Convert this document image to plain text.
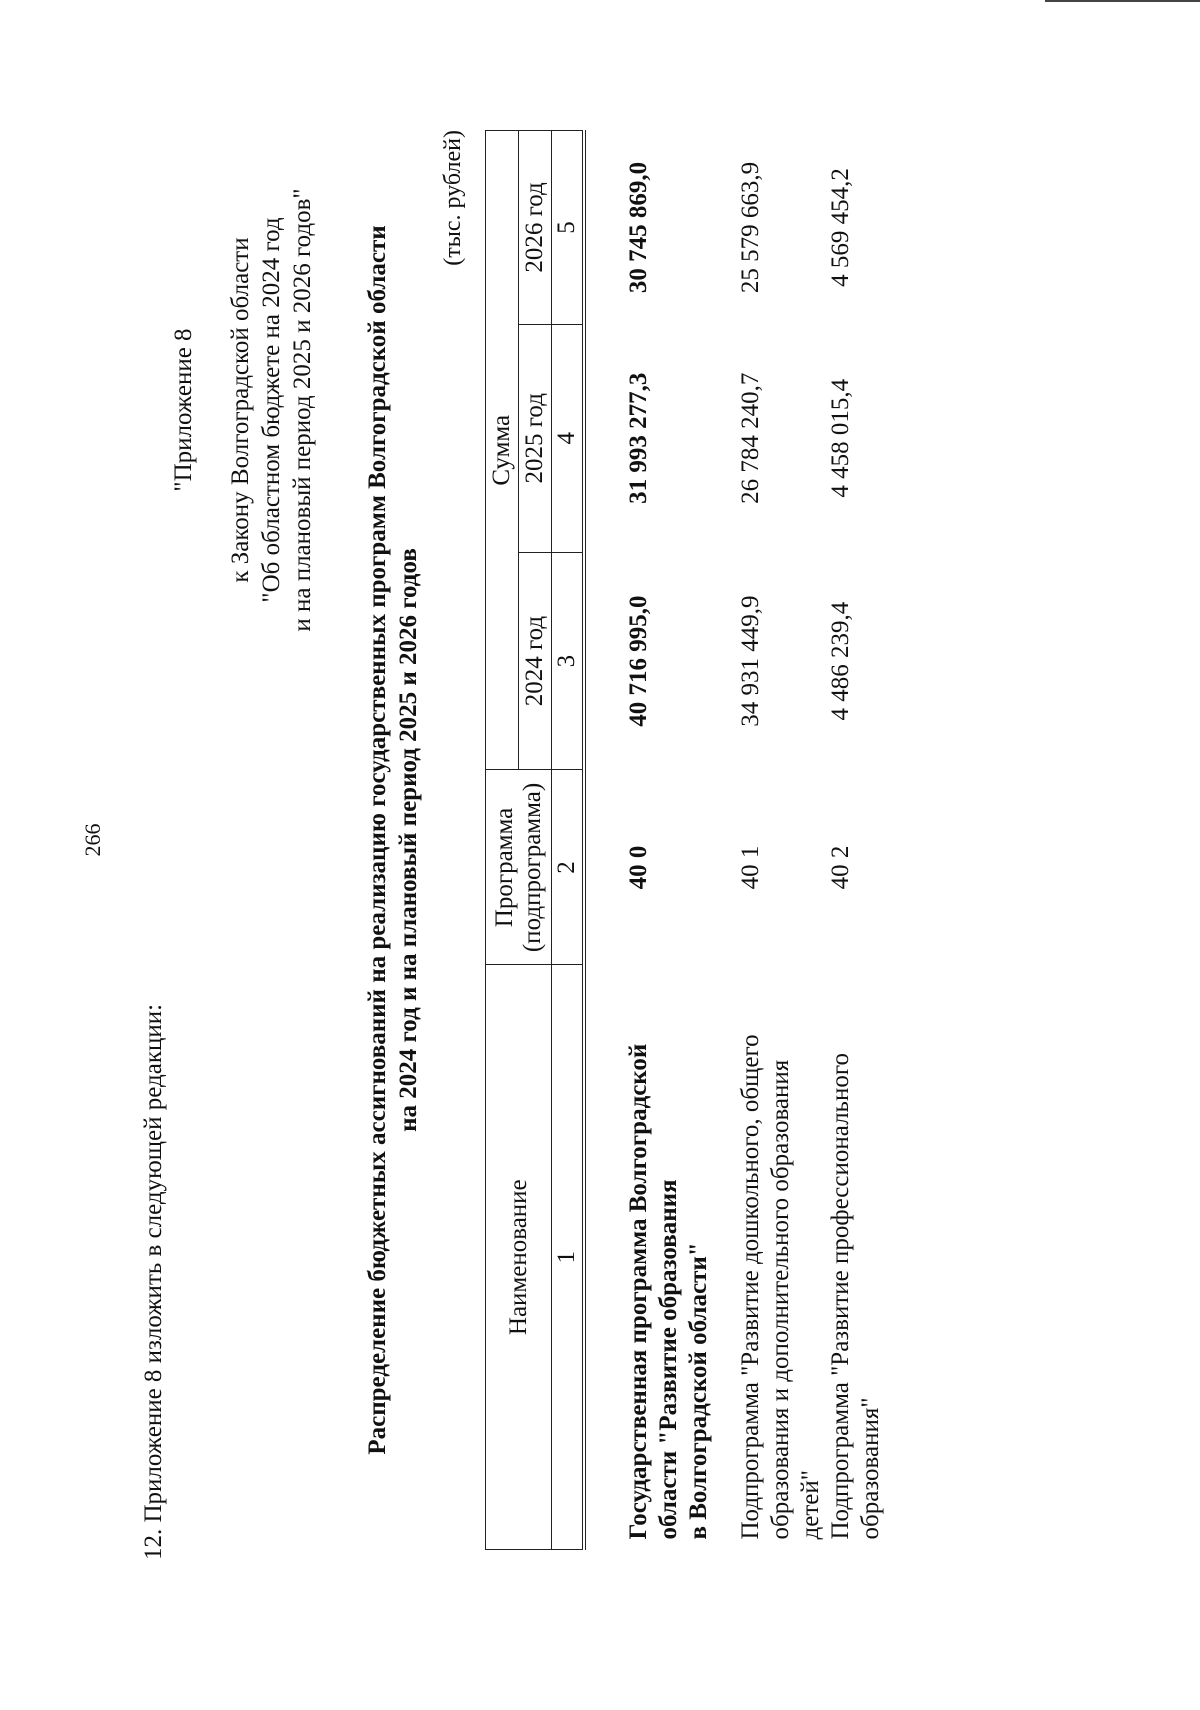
266
12. Приложение 8 изложить в следующей редакции:
"Приложение 8 к Закону Волгоградской области "Об областном бюджете на 2024 год и на плановый период 2025 и 2026 годов" Распределение бюджетных ассигнований на реализацию государственных программ Волгоградской области на 2024 год и на плановый период 2025 и 2026 годов
(тыс. рублей)
Наименование	Программа (подпрограмма)	Сумма		
		2024 год	2025 год	2026 год
1	2	3	4	5

Государственная программа Волгоградской области "Развитие образования в Волгоградской области"	40 0	40 716 995,0	31 993 277,3	30 745 869,0

Подпрограмма "Развитие дошкольного, общего образования и дополнительного образования детей"	40 1	34 931 449,9	26 784 240,7	25 579 663,9

Подпрограмма "Развитие профессионального образования"	40 2	4 486 239,4	4 458 015,4	4 569 454,2
